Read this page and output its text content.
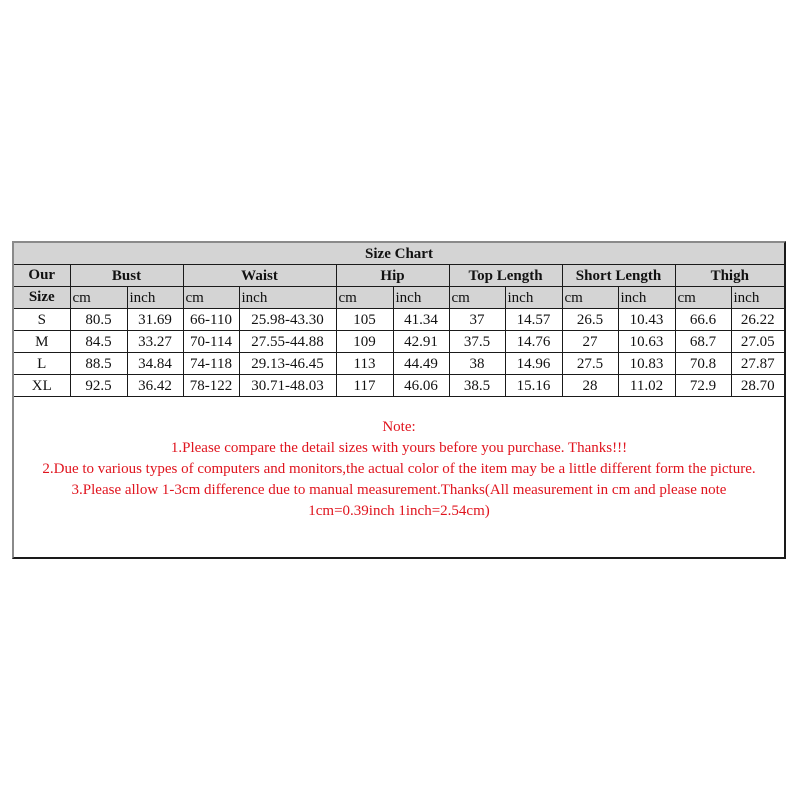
Size Chart												
Our	Bust		Waist		Hip		Top Length		Short Length		Thigh	
Size	cm	inch	cm	inch	cm	inch	cm	inch	cm	inch	cm	inch
S	80.5	31.69	66-110	25.98-43.30	105	41.34	37	14.57	26.5	10.43	66.6	26.22
M	84.5	33.27	70-114	27.55-44.88	109	42.91	37.5	14.76	27	10.63	68.7	27.05
L	88.5	34.84	74-118	29.13-46.45	113	44.49	38	14.96	27.5	10.83	70.8	27.87
XL	92.5	36.42	78-122	30.71-48.03	117	46.06	38.5	15.16	28	11.02	72.9	28.70
Note:
1.Please compare the detail sizes with yours before you purchase. Thanks!!!
2.Due to various types of computers and monitors,the actual color of the item may be a little different form the picture.
3.Please allow 1-3cm difference due to manual measurement.Thanks(All measurement in cm and please note 1cm=0.39inch 1inch=2.54cm)
